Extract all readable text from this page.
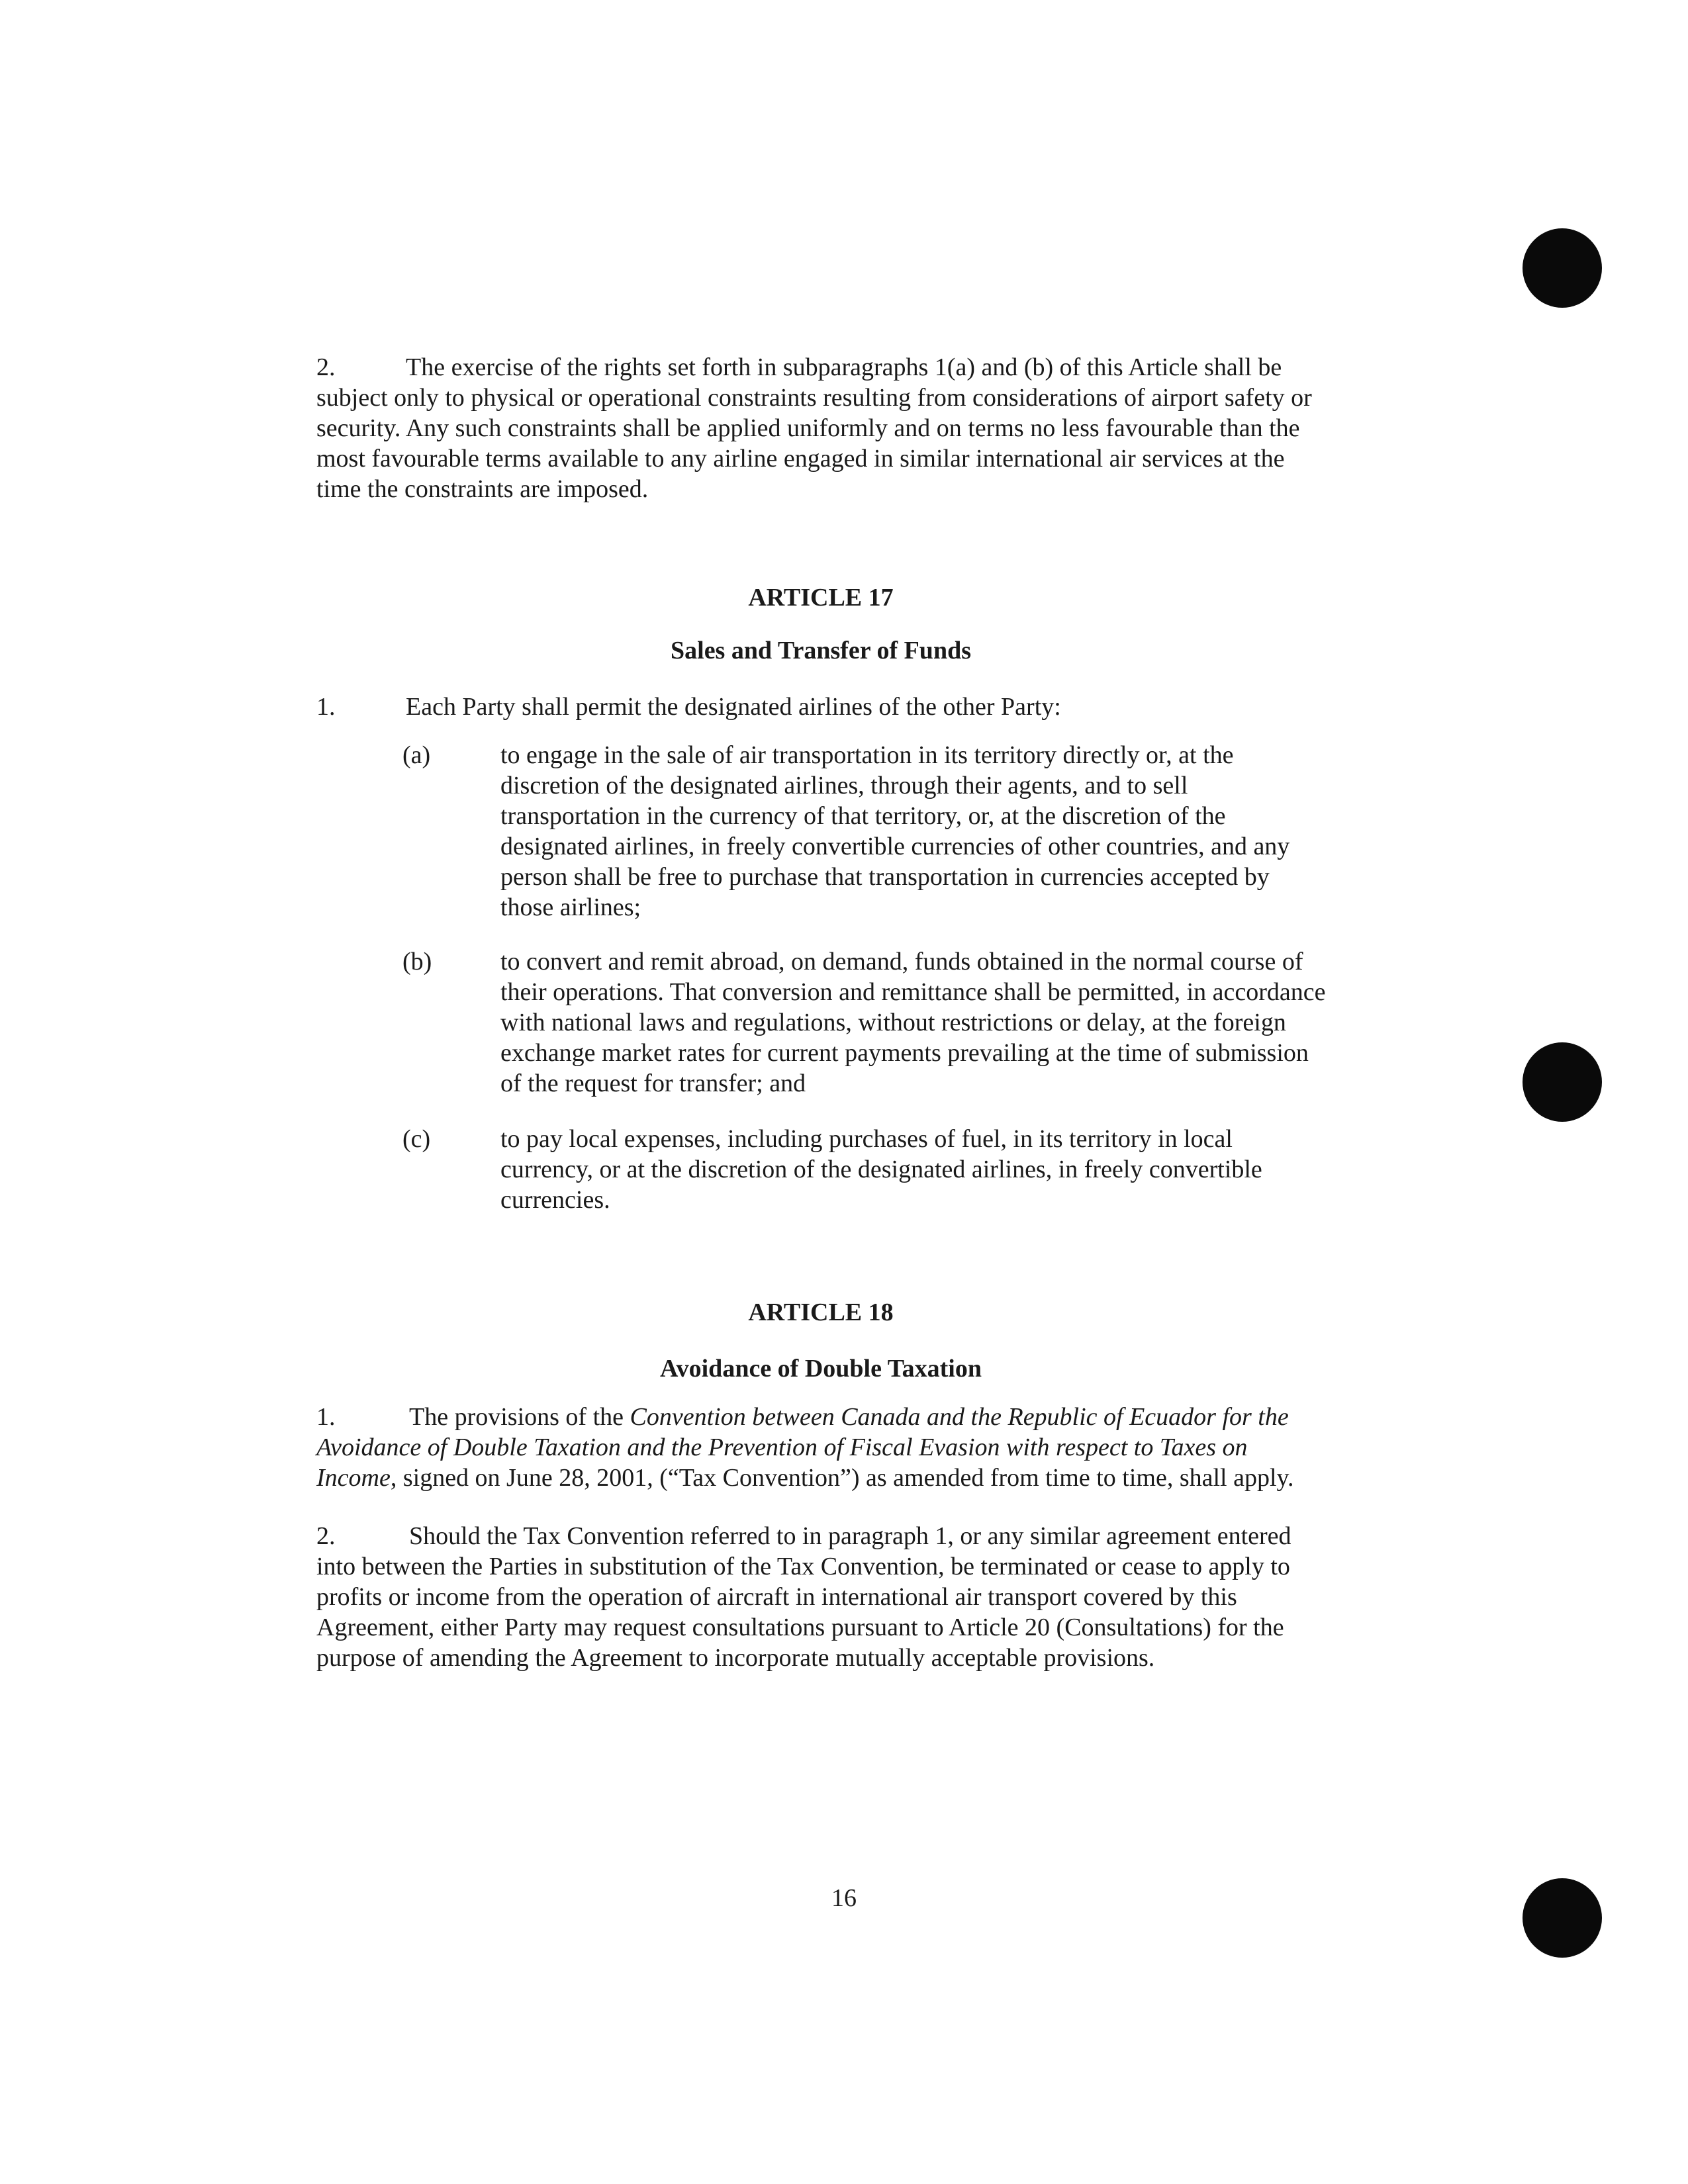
2.	The exercise of the rights set forth in subparagraphs 1(a) and (b) of this Article shall be subject only to physical or operational constraints resulting from considerations of airport safety or security. Any such constraints shall be applied uniformly and on terms no less favourable than the most favourable terms available to any airline engaged in similar international air services at the time the constraints are imposed.

ARTICLE 17
Sales and Transfer of Funds
1.	Each Party shall permit the designated airlines of the other Party:
(a)	to engage in the sale of air transportation in its territory directly or, at the discretion of the designated airlines, through their agents, and to sell transportation in the currency of that territory, or, at the discretion of the designated airlines, in freely convertible currencies of other countries, and any person shall be free to purchase that transportation in currencies accepted by those airlines;
(b)	to convert and remit abroad, on demand, funds obtained in the normal course of their operations. That conversion and remittance shall be permitted, in accordance with national laws and regulations, without restrictions or delay, at the foreign exchange market rates for current payments prevailing at the time of submission of the request for transfer; and
(c)	to pay local expenses, including purchases of fuel, in its territory in local currency, or at the discretion of the designated airlines, in freely convertible currencies.
ARTICLE 18
Avoidance of Double Taxation

1.	The provisions of the Convention between Canada and the Republic of Ecuador for the Avoidance of Double Taxation and the Prevention of Fiscal Evasion with respect to Taxes on Income, signed on June 28, 2001, (“Tax Convention”) as amended from time to time, shall apply.

2.	Should the Tax Convention referred to in paragraph 1, or any similar agreement entered into between the Parties in substitution of the Tax Convention, be terminated or cease to apply to profits or income from the operation of aircraft in international air transport covered by this Agreement, either Party may request consultations pursuant to Article 20 (Consultations) for the purpose of amending the Agreement to incorporate mutually acceptable provisions.

16
